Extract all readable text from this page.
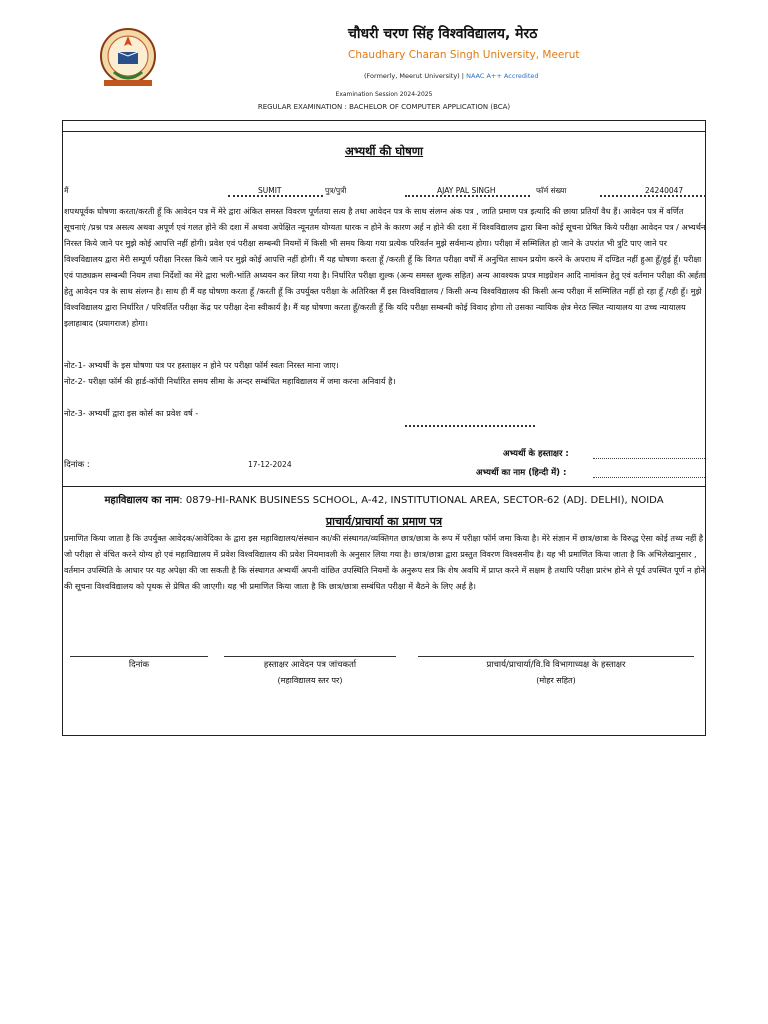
चौधरी चरण सिंह विश्वविद्यालय, मेरठ
Chaudhary Charan Singh University, Meerut
(Formerly, Meerut University) | NAAC A++ Accredited
Examination Session 2024-2025
REGULAR EXAMINATION : BACHELOR OF COMPUTER APPLICATION (BCA)
अभ्यर्थी की घोषणा
मैं	SUMIT	पुत्र/पुत्री	AJAY PAL SINGH	फॉर्म संख्या	24240047

शपथपूर्वक घोषणा करता/करती हूँ कि आवेदन पत्र में मेरे द्वारा अंकित समस्त विवरण पूर्णतया सत्य है तथा आवेदन पत्र के साथ संलग्न अंक पत्र , जाति प्रमाण पत्र इत्यादि की छाया प्रतियाँ वैध हैं। आवेदन पत्र में वर्णित सूचनाएं /प्रश्न पत्र असत्य अथवा अपूर्ण एवं गलत होने की दशा में अथवा अपेक्षित न्यूनतम योग्यता धारक न होने के कारण अर्ह न होने की दशा में विश्वविद्यालय द्वारा बिना कोई सूचना प्रेषित किये परीक्षा आवेदन पत्र / अभ्यर्थन निरस्त किये जाने पर मुझे कोई आपत्ति नहीं होगी। प्रवेश एवं परीक्षा सम्बन्धी नियमों में किसी भी समय किया गया प्रत्येक परिवर्तन मुझे सर्वमान्य होगा। परीक्षा में सम्मिलित हो जाने के उपरांत भी त्रुटि पाए जाने पर विश्वविद्यालय द्वारा मेरी सम्पूर्ण परीक्षा निरस्त किये जाने पर मुझे कोई आपत्ति नहीं होगी। मैं यह घोषणा करता हूँ /करती हूँ कि विगत परीक्षा वर्षों में अनुचित साधन प्रयोग करने के अपराध में दण्डित नहीं हुआ हूँ/हुई हूँ। परीक्षा एवं पाठ्यक्रम सम्बन्धी नियम तथा निर्देशों का मेरे द्वारा भली-भांति अध्ययन कर लिया गया है। निर्धारित परीक्षा शुल्क (अन्य समस्त शुल्क सहित) अन्य आवश्यक प्रपत्र माइग्रेशन आदि नामांकन हेतु एवं वर्तमान परीक्षा की अर्हता हेतु आवेदन पत्र के साथ संलग्न है। साथ ही मैं यह घोषणा करता हूँ /करती हूँ कि उपर्युक्त परीक्षा के अतिरिक्त मैं इस विश्वविद्यालय / किसी अन्य विश्वविद्यालय की किसी अन्य परीक्षा में सम्मिलित नहीं हो रहा हूँ /रही हूँ। मुझे विश्वविद्यालय द्वारा निर्धारित / परिवर्तित परीक्षा केंद्र पर परीक्षा देना स्वीकार्य है। मैं यह घोषणा करता हूँ/करती हूँ कि यदि परीक्षा सम्बन्धी कोई विवाद होगा तो उसका न्यायिक क्षेत्र मेरठ स्थित न्यायालय या उच्च न्यायालय इलाहाबाद (प्रयागराज) होगा।

नोट-1- अभ्यर्थी के इस घोषणा पत्र पर हस्ताक्षर न होने पर परीक्षा फॉर्म स्वतः निरस्त माना जाए।
नोट-2- परीक्षा फॉर्म की हार्ड-कॉपी निर्धारित समय सीमा के अन्दर सम्बंधित महाविद्यालय में जमा करना अनिवार्य है।
नोट-3- अभ्यर्थी द्वारा इस कोर्स का प्रवेश वर्ष -
अभ्यर्थी के हस्ताक्षर :
अभ्यर्थी का नाम (हिन्दी में) :
दिनांक :	17-12-2024
महाविद्यालय का नाम: 0879-HI-RANK BUSINESS SCHOOL, A-42, INSTITUTIONAL AREA, SECTOR-62 (ADJ. DELHI), NOIDA
प्राचार्य/प्राचार्या का प्रमाण पत्र

प्रमाणित किया जाता है कि उपर्युक्त आवेदक/आवेदिका के द्वारा इस महाविद्यालय/संस्थान का/की संस्थागत/व्यक्तिगत छात्र/छात्रा के रूप में परीक्षा फॉर्म जमा किया है। मेरे संज्ञान में छात्र/छात्रा के विरुद्ध ऐसा कोई तथ्य नहीं है जो परीक्षा से वंचित करने योग्य हो एवं महाविद्यालय में प्रवेश विश्वविद्यालय की प्रवेश नियमावली के अनुसार लिया गया है। छात्र/छात्रा द्वारा प्रस्तुत विवरण विश्वसनीय है। यह भी प्रमाणित किया जाता है कि अभिलेखानुसार , वर्तमान उपस्थिति के आधार पर यह अपेक्षा की जा सकती है कि संस्थागत अभ्यर्थी अपनी वांछित उपस्थिति नियमों के अनुरूप सत्र कि शेष अवधि में प्राप्त करने में सक्षम है तथापि परीक्षा प्रारंभ होने से पूर्व उपस्थित पूर्ण न होने की सूचना विश्वविद्यालय को पृथक से प्रेषित की जाएगी। यह भी प्रमाणित किया जाता है कि छात्र/छात्रा सम्बंधित परीक्षा में बैठने के लिए अर्ह है।

दिनांक	हस्ताक्षर आवेदन पत्र जांचकर्ता	प्राचार्य/प्राचार्या/वि.वि विभागाध्यक्ष के हस्ताक्षर
(महाविद्यालय स्तर पर)	(मोहर सहित)
